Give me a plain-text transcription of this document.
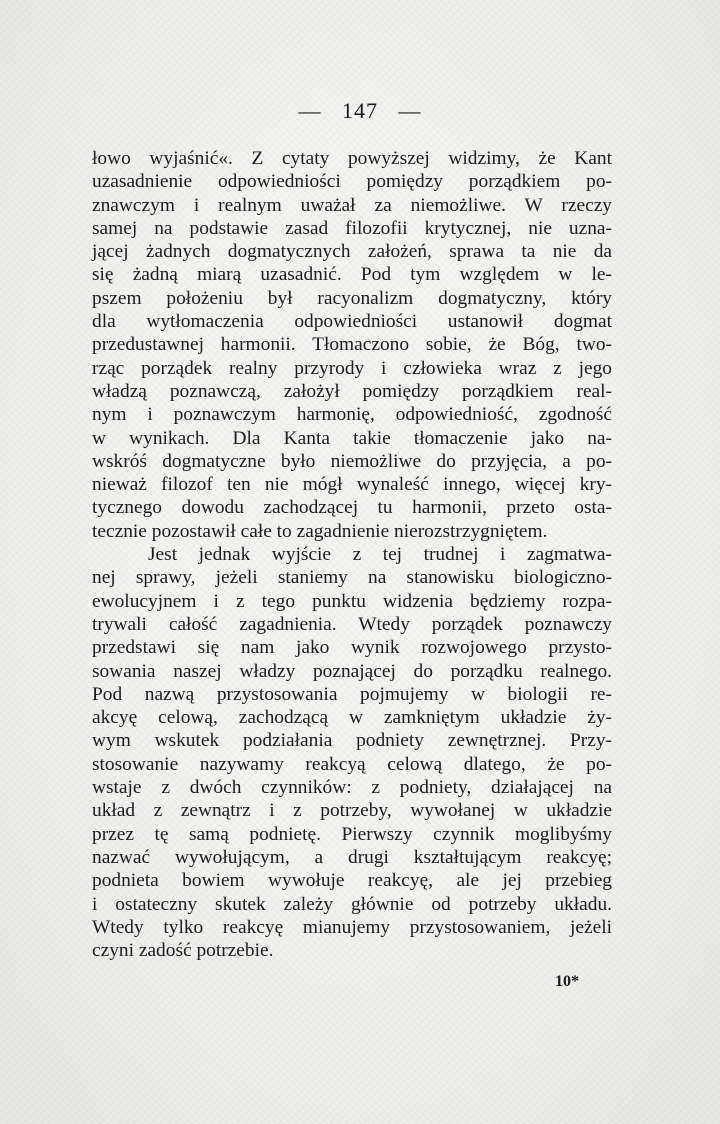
— 147 —
łowo wyjaśnić«. Z cytaty powyższej widzimy, że Kant
uzasadnienie odpowiedniości pomiędzy porządkiem po-
znawczym i realnym uważał za niemożliwe. W rzeczy
samej na podstawie zasad filozofii krytycznej, nie uzna-
jącej żadnych dogmatycznych założeń, sprawa ta nie da
się żadną miarą uzasadnić. Pod tym względem w le-
pszem położeniu był racyonalizm dogmatyczny, który
dla wytłomaczenia odpowiedniości ustanowił dogmat
przedustawnej harmonii. Tłomaczono sobie, że Bóg, two-
rząc porządek realny przyrody i człowieka wraz z jego
władzą poznawczą, założył pomiędzy porządkiem real-
nym i poznawczym harmonię, odpowiedniość, zgodność
w wynikach. Dla Kanta takie tłomaczenie jako na-
wskróś dogmatyczne było niemożliwe do przyjęcia, a po-
nieważ filozof ten nie mógł wynaleść innego, więcej kry-
tycznego dowodu zachodzącej tu harmonii, przeto osta-
tecznie pozostawił całe to zagadnienie nierozstrzygniętem.
Jest jednak wyjście z tej trudnej i zagmatwa-
nej sprawy, jeżeli staniemy na stanowisku biologiczno-
ewolucyjnem i z tego punktu widzenia będziemy rozpa-
trywali całość zagadnienia. Wtedy porządek poznawczy
przedstawi się nam jako wynik rozwojowego przysto-
sowania naszej władzy poznającej do porządku realnego.
Pod nazwą przystosowania pojmujemy w biologii re-
akcyę celową, zachodzącą w zamkniętym układzie ży-
wym wskutek podziałania podniety zewnętrznej. Przy-
stosowanie nazywamy reakcyą celową dlatego, że po-
wstaje z dwóch czynników: z podniety, działającej na
układ z zewnątrz i z potrzeby, wywołanej w układzie
przez tę samą podnietę. Pierwszy czynnik moglibyśmy
nazwać wywołującym, a drugi kształtującym reakcyę;
podnieta bowiem wywołuje reakcyę, ale jej przebieg
i ostateczny skutek zależy głównie od potrzeby układu.
Wtedy tylko reakcyę mianujemy przystosowaniem, jeżeli
czyni zadość potrzebie.
10*
